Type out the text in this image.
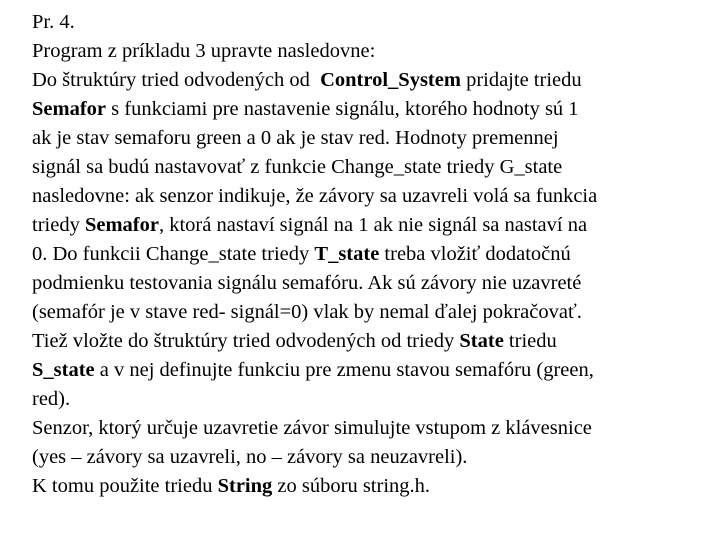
Pr. 4.
Program z príkladu 3 upravte nasledovne:
Do štruktúry tried odvodených od  Control_System pridajte triedu
Semafor s funkciami pre nastavenie signálu, ktorého hodnoty sú 1
ak je stav semaforu green a 0 ak je stav red. Hodnoty premennej
signál sa budú nastavovať z funkcie Change_state triedy G_state
nasledovne: ak senzor indikuje, že závory sa uzavreli volá sa funkcia
triedy Semafor, ktorá nastaví signál na 1 ak nie signál sa nastaví na
0. Do funkcii Change_state triedy T_state treba vložiť dodatočnú
podmienku testovania signálu semafóru. Ak sú závory nie uzavreté
(semafór je v stave red- signál=0) vlak by nemal ďalej pokračovať.
Tiež vložte do štruktúry tried odvodených od triedy State triedu
S_state a v nej definujte funkciu pre zmenu stavou semafóru (green,
red).
Senzor, ktorý určuje uzavretie závor simulujte vstupom z klávesnice
(yes – závory sa uzavreli, no – závory sa neuzavreli).
K tomu použite triedu String zo súboru string.h.
